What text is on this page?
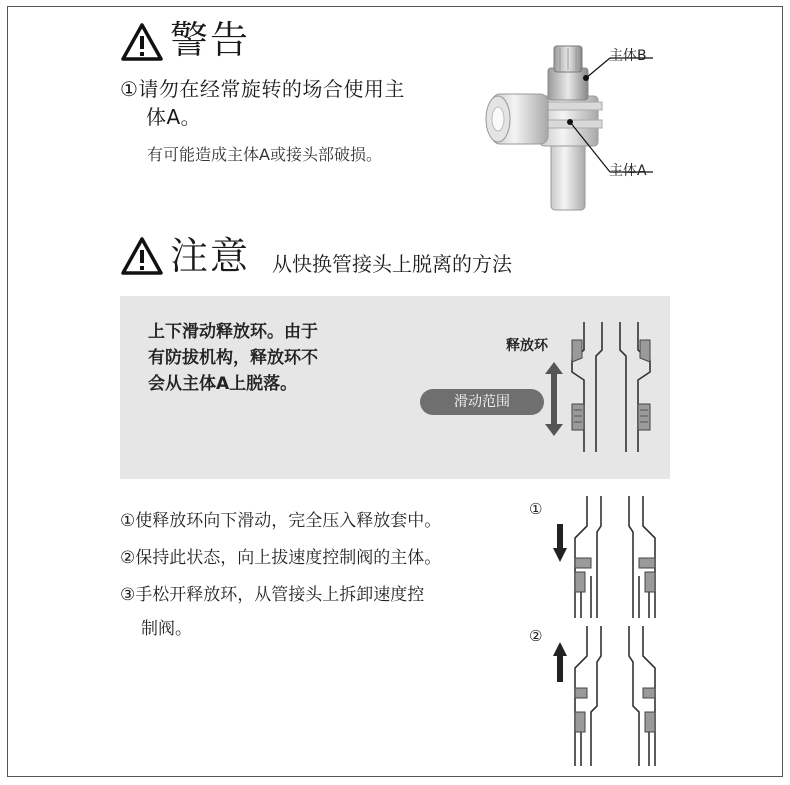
警告
①请勿在经常旋转的场合使用主
体A。
有可能造成主体A或接头部破损。
主体B
主体A
注意 从快换管接头上脱离的方法
上下滑动释放环。由于
有防拔机构，释放环不
会从主体A上脱落。
释放环
滑动范围
①使释放环向下滑动，完全压入释放套中。
②保持此状态，向上拔速度控制阀的主体。
③手松开释放环，从管接头上拆卸速度控
制阀。
①
②
